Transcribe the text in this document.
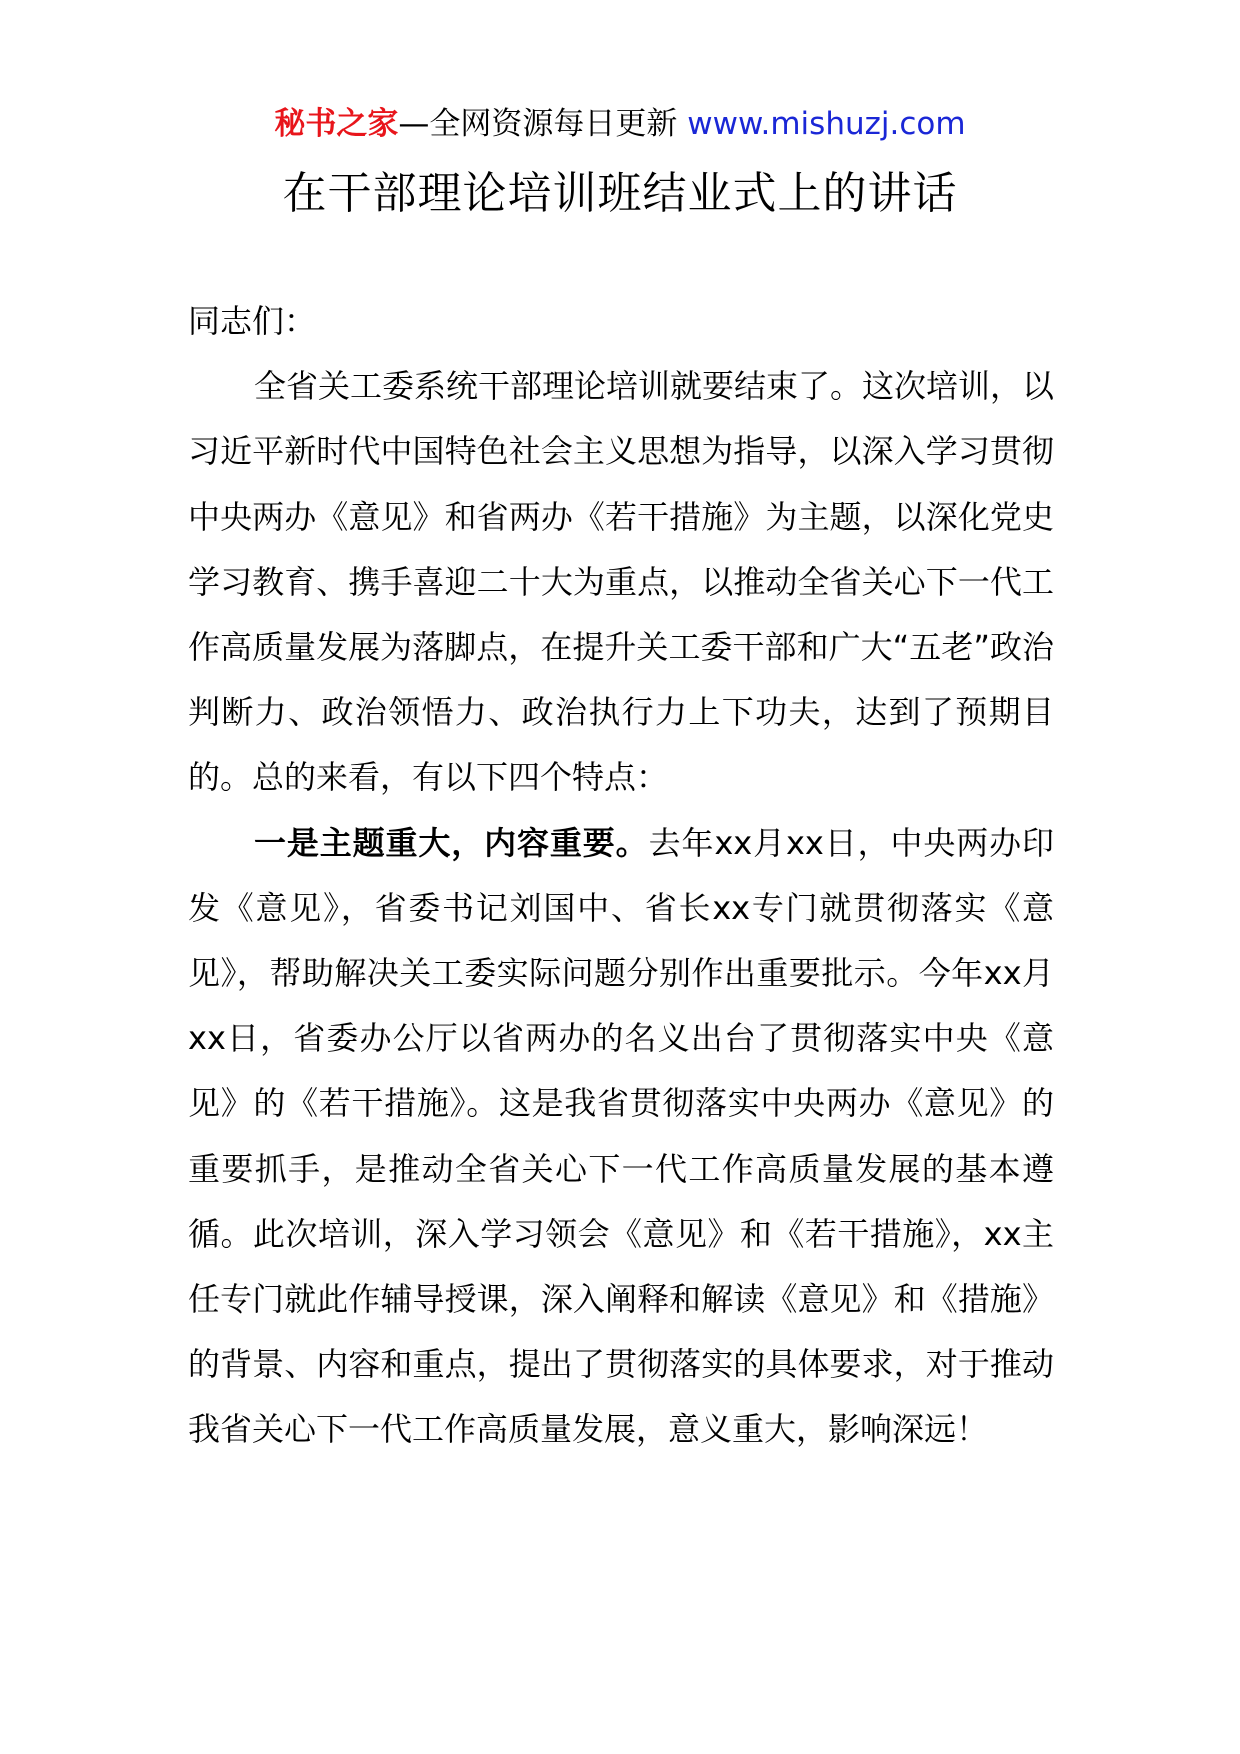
秘书之家—全网资源每日更新 www.mishuzj.com
在干部理论培训班结业式上的讲话

同志们：

全省关工委系统干部理论培训就要结束了。这次培训，以习近平新时代中国特色社会主义思想为指导，以深入学习贯彻中央两办《意见》和省两办《若干措施》为主题，以深化党史学习教育、携手喜迎二十大为重点，以推动全省关心下一代工作高质量发展为落脚点，在提升关工委干部和广大“五老”政治判断力、政治领悟力、政治执行力上下功夫，达到了预期目的。总的来看，有以下四个特点：

一是主题重大，内容重要。去年xx月xx日，中央两办印发《意见》，省委书记刘国中、省长xx专门就贯彻落实《意见》，帮助解决关工委实际问题分别作出重要批示。今年xx月xx日，省委办公厅以省两办的名义出台了贯彻落实中央《意见》的《若干措施》。这是我省贯彻落实中央两办《意见》的重要抓手，是推动全省关心下一代工作高质量发展的基本遵循。此次培训，深入学习领会《意见》和《若干措施》，xx主任专门就此作辅导授课，深入阐释和解读《意见》和《措施》的背景、内容和重点，提出了贯彻落实的具体要求，对于推动我省关心下一代工作高质量发展，意义重大，影响深远！
